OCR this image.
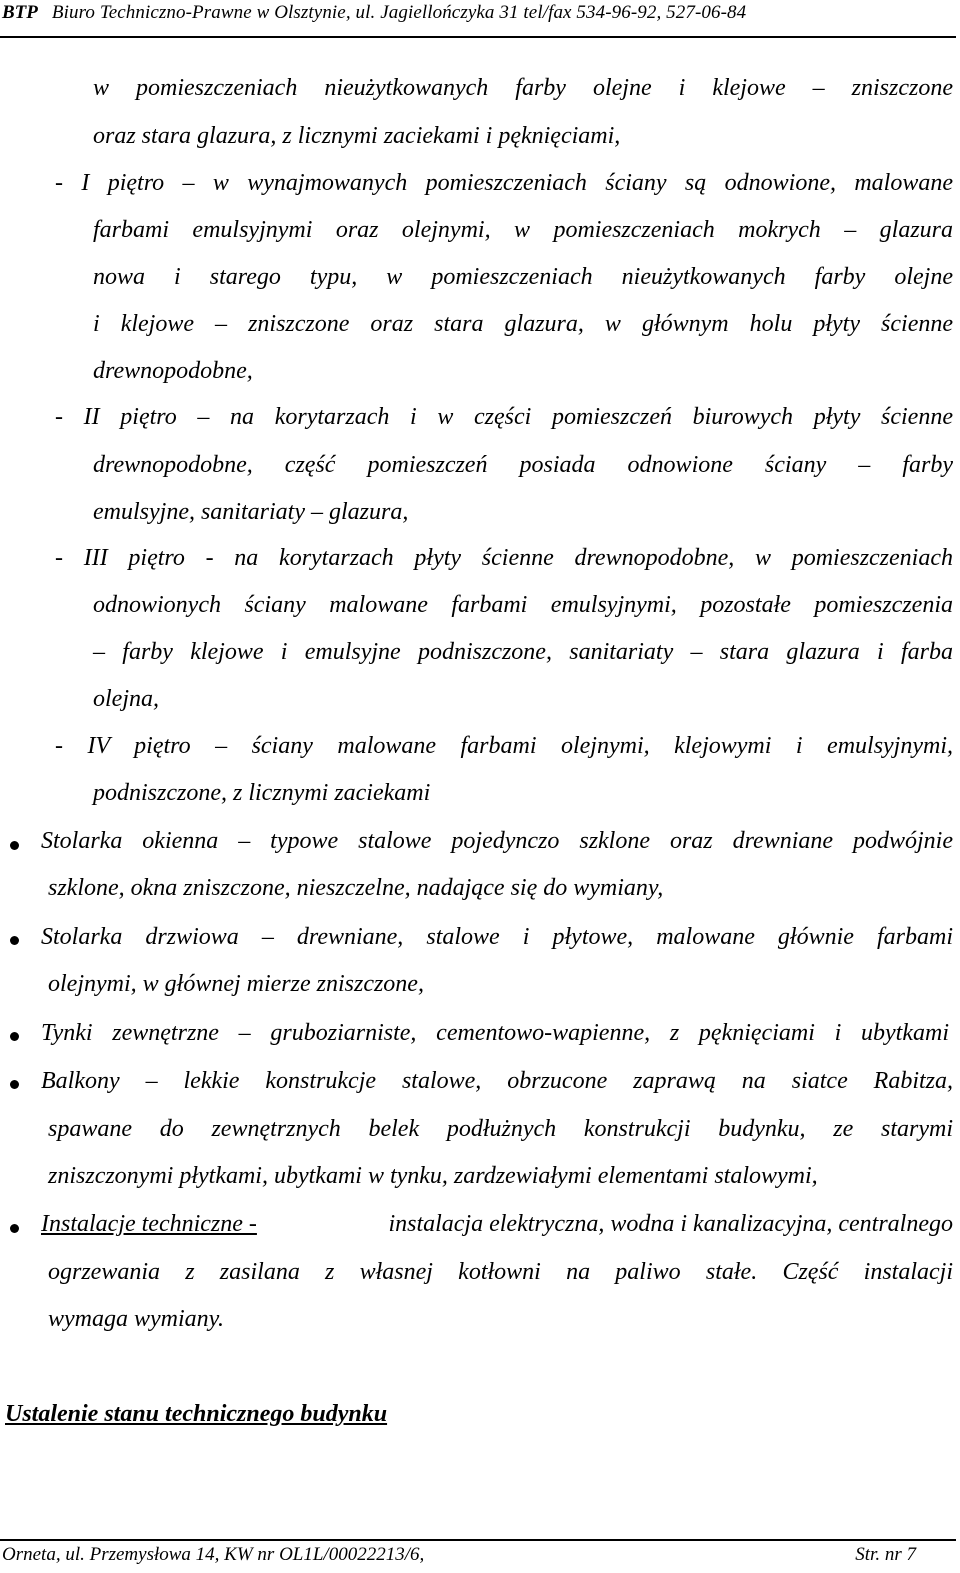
BTP Biuro Techniczno-Prawne w Olsztynie, ul. Jagiellończyka 31 tel/fax 534-96-92, 527-06-84
w pomieszczeniach nieużytkowanych farby olejne i klejowe – zniszczone
oraz stara glazura, z licznymi zaciekami i pęknięciami,
- I piętro – w wynajmowanych pomieszczeniach ściany są odnowione, malowane
farbami emulsyjnymi oraz olejnymi, w pomieszczeniach mokrych – glazura
nowa i starego typu, w pomieszczeniach nieużytkowanych farby olejne
i klejowe – zniszczone oraz stara glazura, w głównym holu płyty ścienne
drewnopodobne,
- II piętro – na korytarzach i w części pomieszczeń biurowych płyty ścienne
drewnopodobne, część pomieszczeń posiada odnowione ściany – farby
emulsyjne, sanitariaty – glazura,
- III piętro - na korytarzach płyty ścienne drewnopodobne, w pomieszczeniach
odnowionych ściany malowane farbami emulsyjnymi, pozostałe pomieszczenia
– farby klejowe i emulsyjne podniszczone, sanitariaty – stara glazura i farba
olejna,
- IV piętro – ściany malowane farbami olejnymi, klejowymi i emulsyjnymi,
podniszczone, z licznymi zaciekami
Stolarka okienna – typowe stalowe pojedynczo szklone oraz drewniane podwójnie
szklone, okna zniszczone, nieszczelne, nadające się do wymiany,
Stolarka drzwiowa – drewniane, stalowe i płytowe, malowane głównie farbami
olejnymi, w głównej mierze zniszczone,
Tynki zewnętrzne – gruboziarniste, cementowo-wapienne, z pęknięciami i ubytkami
Balkony – lekkie konstrukcje stalowe, obrzucone zaprawą na siatce Rabitza,
spawane do zewnętrznych belek podłużnych konstrukcji budynku, ze starymi
zniszczonymi płytkami, ubytkami w tynku, zardzewiałymi elementami stalowymi,
Instalacje techniczne -	instalacja elektryczna, wodna i kanalizacyjna, centralnego
ogrzewania z zasilana z własnej kotłowni na paliwo stałe. Część instalacji
wymaga wymiany.
Ustalenie stanu technicznego budynku
Orneta, ul. Przemysłowa 14, KW nr OL1L/00022213/6,	Str. nr 7
